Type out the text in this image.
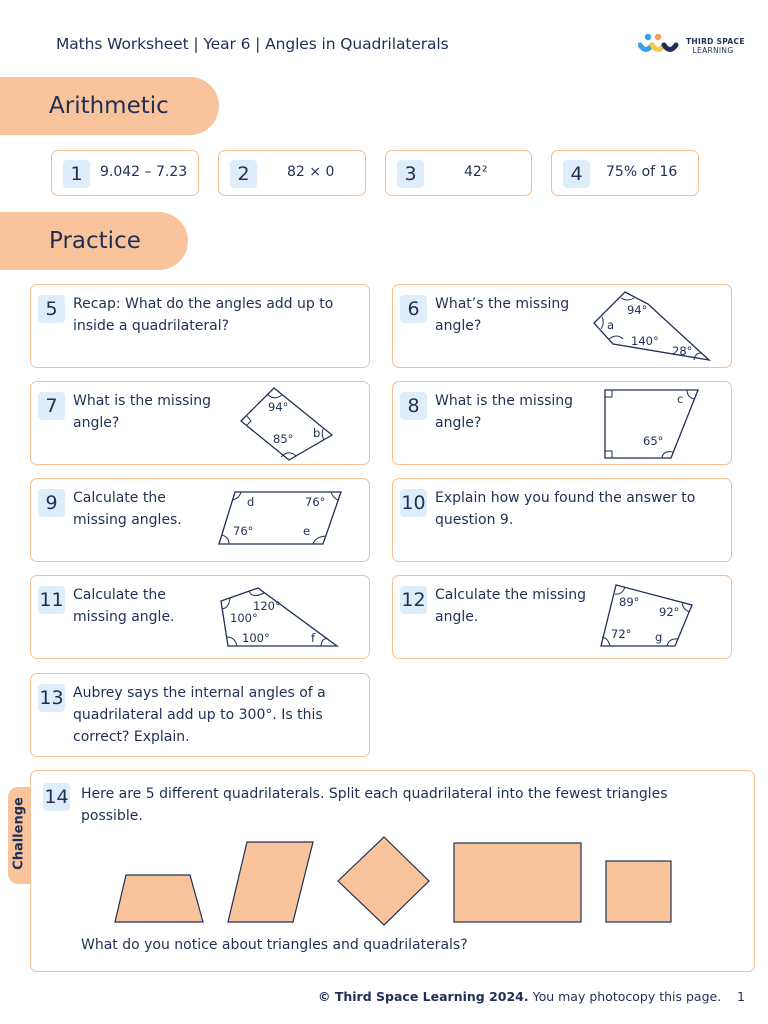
Maths Worksheet | Year 6 | Angles in Quadrilaterals	THIRD SPACE
LEARNING
Arithmetic
1	9.042 – 7.23	2	82 × 0	3	42²	4	75% of 16
Practice
5	Recap: What do the angles add up to
inside a quadrilateral?
6	What’s the missing
angle?
94°
a
140°
28°
7	What is the missing
angle?
94°
85° b
8	What is the missing
angle?
c
65°
9	Calculate the
missing angles.
d	76°
76°	e
10 Explain how you found the answer to
question 9.
11 Calculate the
missing angle.
120°
100°
100°	f
12 Calculate the missing
angle.
89°
92°
72° g
13 Aubrey says the internal angles of a
quadrilateral add up to 300°. Is this
correct? Explain.
Challenge
14 Here are 5 different quadrilaterals. Split each quadrilateral into the fewest triangles
possible.
What do you notice about triangles and quadrilaterals?
© Third Space Learning 2024. You may photocopy this page. 1
